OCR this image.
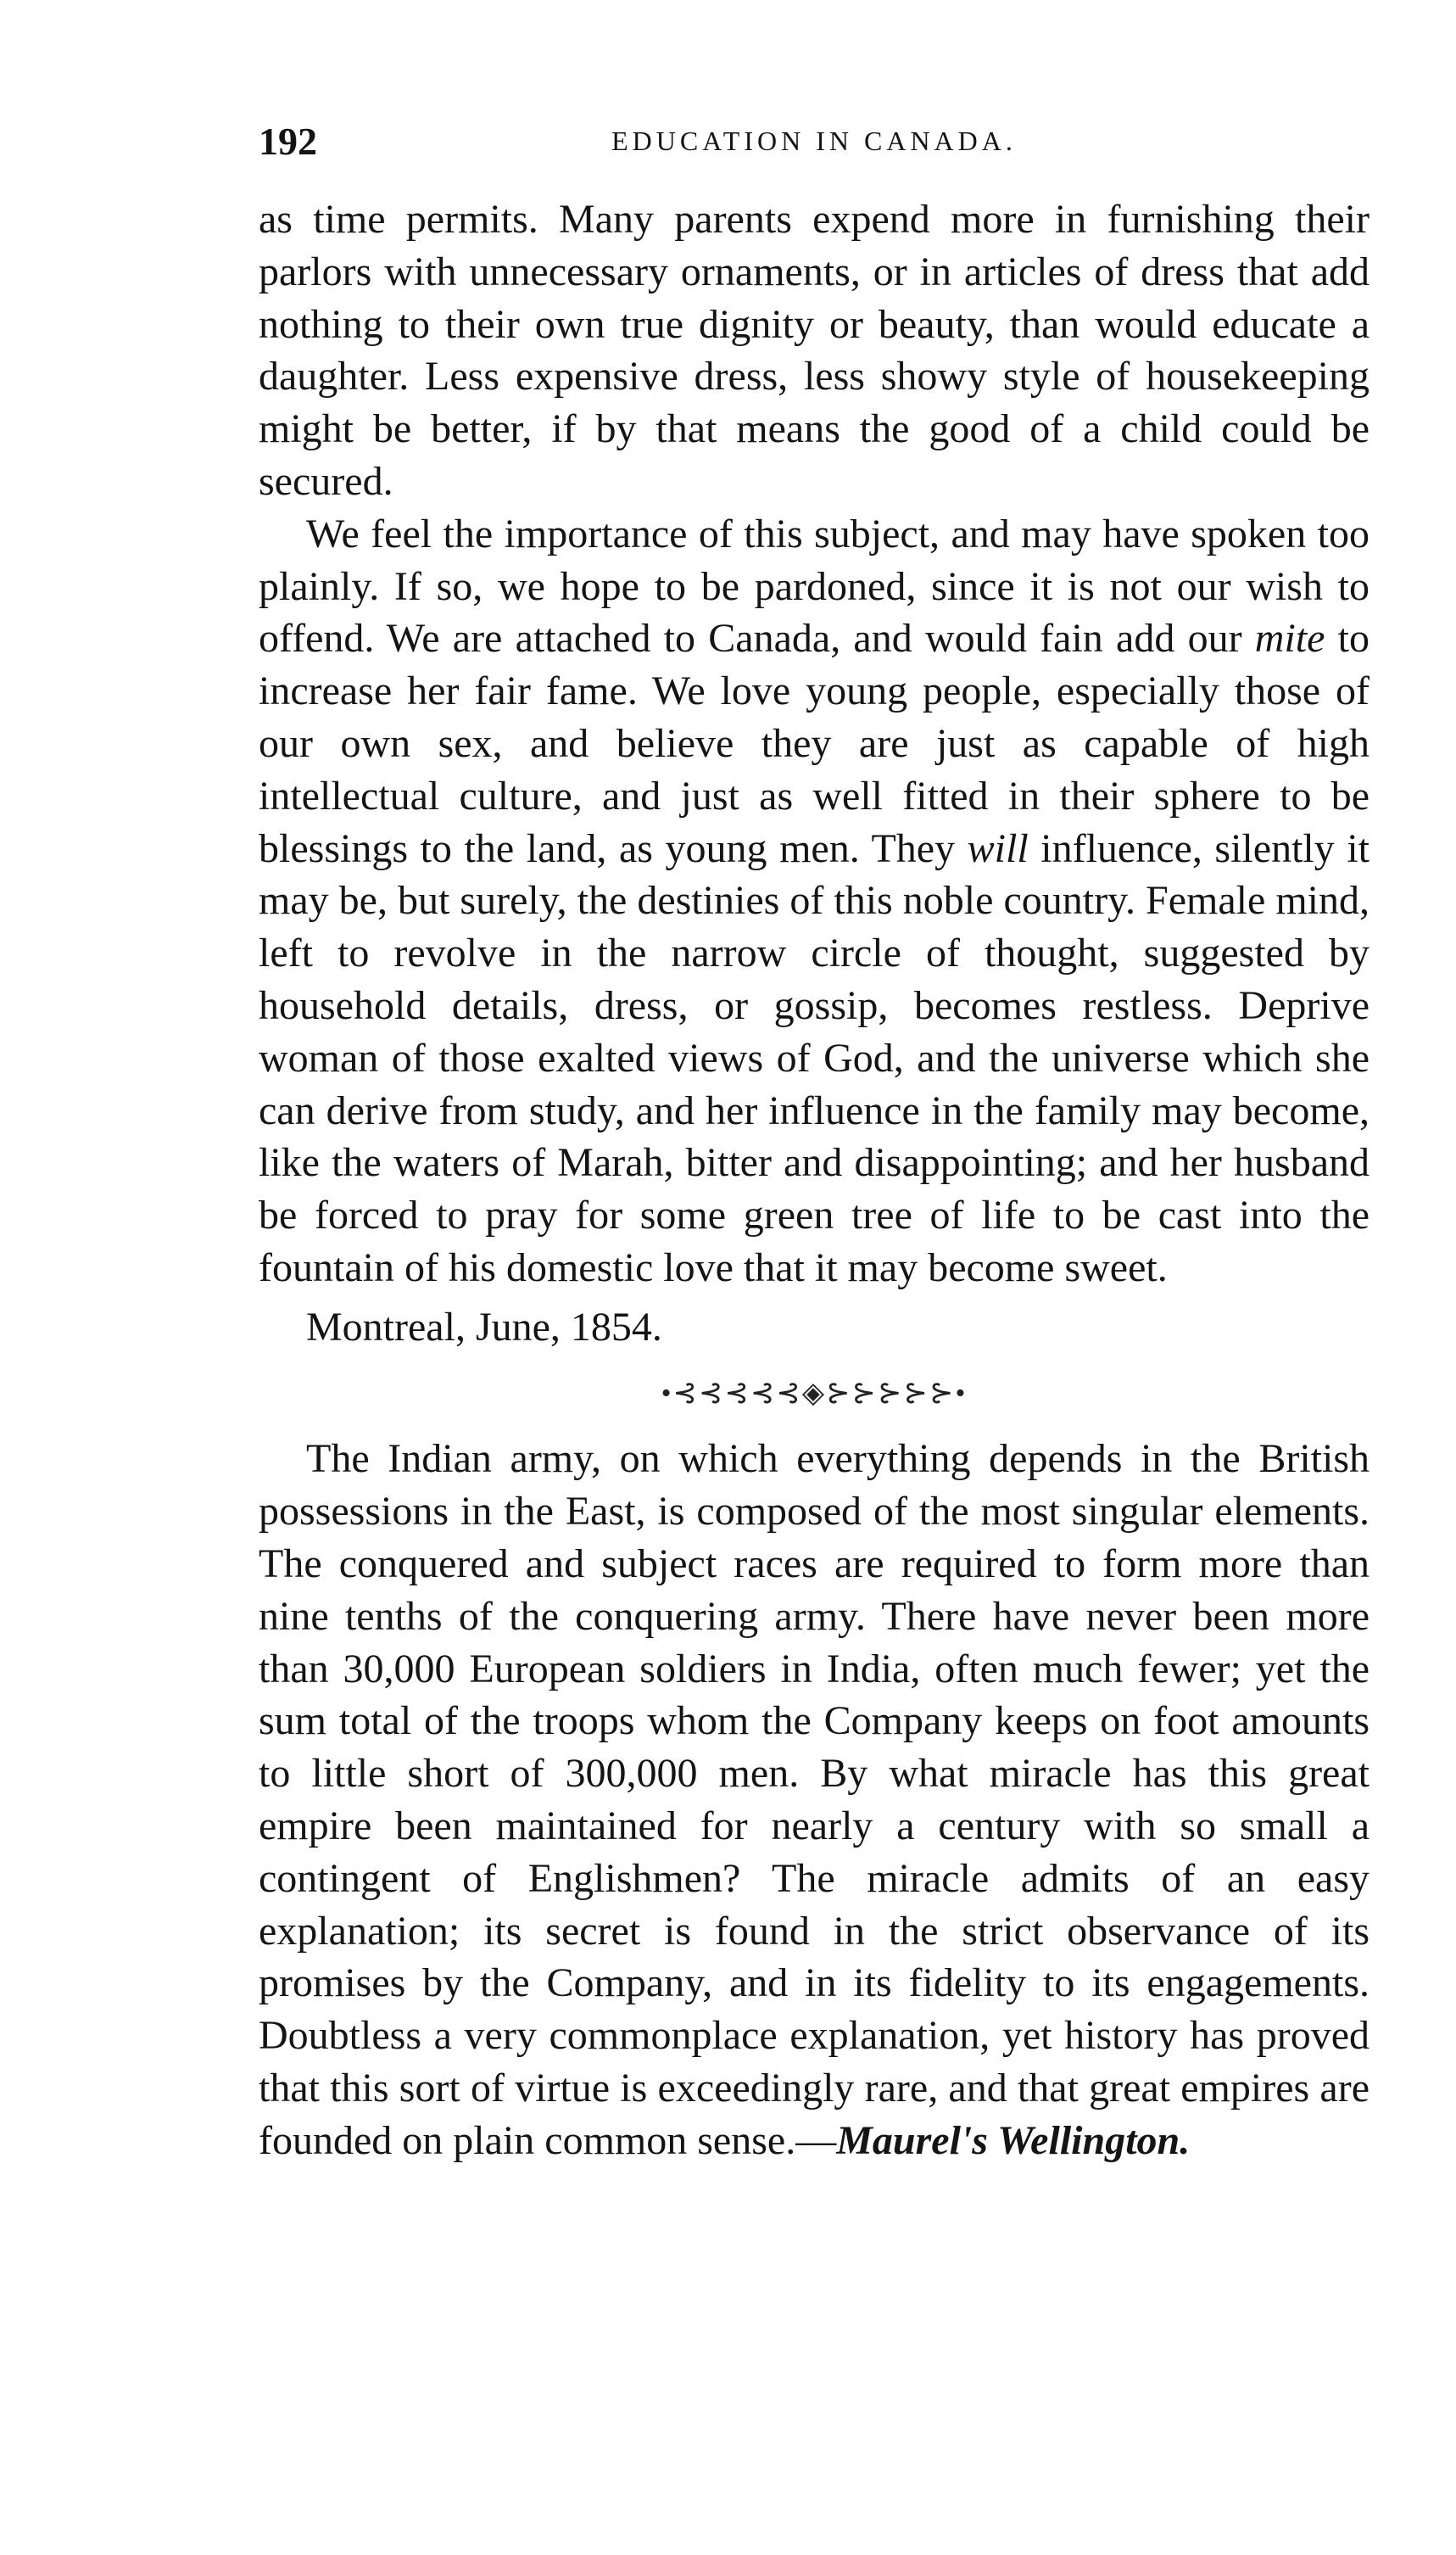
192	EDUCATION IN CANADA.

as time permits. Many parents expend more in furnishing their parlors with unnecessary ornaments, or in articles of dress that add nothing to their own true dignity or beauty, than would educate a daughter. Less expensive dress, less showy style of housekeeping might be better, if by that means the good of a child could be secured.

We feel the importance of this subject, and may have spoken too plainly. If so, we hope to be pardoned, since it is not our wish to offend. We are attached to Canada, and would fain add our mite to increase her fair fame. We love young people, especially those of our own sex, and believe they are just as capable of high intellectual culture, and just as well fitted in their sphere to be blessings to the land, as young men. They will influence, silently it may be, but surely, the destinies of this noble country. Female mind, left to revolve in the narrow circle of thought, suggested by household details, dress, or gossip, becomes restless. Deprive woman of those exalted views of God, and the universe which she can derive from study, and her influence in the family may become, like the waters of Marah, bitter and disappointing; and her husband be forced to pray for some green tree of life to be cast into the fountain of his domestic love that it may become sweet.

Montreal, June, 1854.

•⊰⊰⊰⊰⊰◈⊱⊱⊱⊱⊱•

The Indian army, on which everything depends in the British possessions in the East, is composed of the most singular elements. The conquered and subject races are required to form more than nine tenths of the conquering army. There have never been more than 30,000 European soldiers in India, often much fewer; yet the sum total of the troops whom the Company keeps on foot amounts to little short of 300,000 men. By what miracle has this great empire been maintained for nearly a century with so small a contingent of Englishmen? The miracle admits of an easy explanation; its secret is found in the strict observance of its promises by the Company, and in its fidelity to its engagements. Doubtless a very commonplace explanation, yet history has proved that this sort of virtue is exceedingly rare, and that great empires are founded on plain common sense.—Maurel's Wellington.
